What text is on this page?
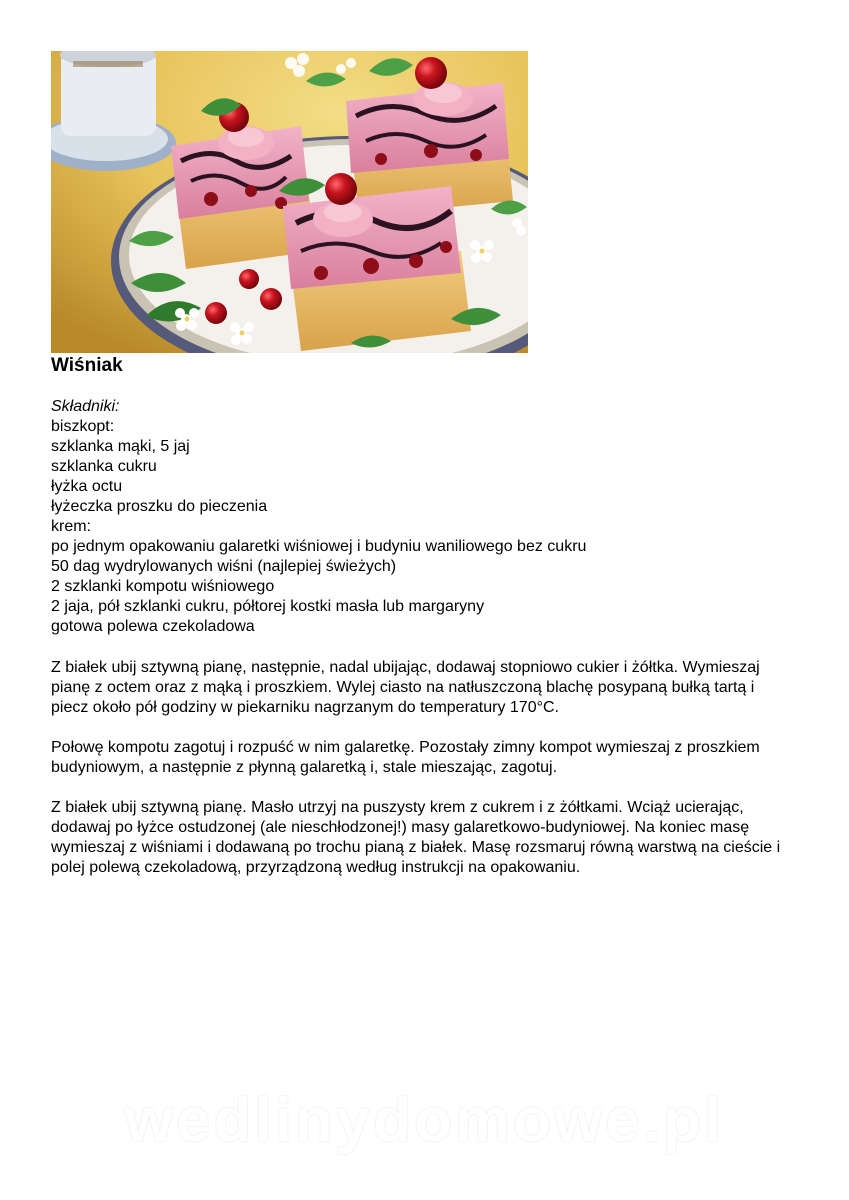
Wiśniak
Składniki:
biszkopt:
szklanka mąki, 5 jaj
szklanka cukru
łyżka octu
łyżeczka proszku do pieczenia
krem:
po jednym opakowaniu galaretki wiśniowej i budyniu waniliowego bez cukru
50 dag wydrylowanych wiśni (najlepiej świeżych)
2 szklanki kompotu wiśniowego
2 jaja, pół szklanki cukru, półtorej kostki masła lub margaryny
gotowa polewa czekoladowa

Z białek ubij sztywną pianę, następnie, nadal ubijając, dodawaj stopniowo cukier i żółtka. Wymieszaj pianę z octem oraz z mąką i proszkiem. Wylej ciasto na natłuszczoną blachę posypaną bułką tartą i piecz około pół godziny w piekarniku nagrzanym do temperatury 170°C.

Połowę kompotu zagotuj i rozpuść w nim galaretkę. Pozostały zimny kompot wymieszaj z proszkiem budyniowym, a następnie z płynną galaretką i, stale mieszając, zagotuj.

Z białek ubij sztywną pianę. Masło utrzyj na puszysty krem z cukrem i z żółtkami. Wciąż ucierając, dodawaj po łyżce ostudzonej (ale nieschłodzonej!) masy galaretkowo-budyniowej. Na koniec masę wymieszaj z wiśniami i dodawaną po trochu pianą z białek. Masę rozsmaruj równą warstwą na cieście i polej polewą czekoladową, przyrządzoną według instrukcji na opakowaniu.

wedlinydomowe.pl
